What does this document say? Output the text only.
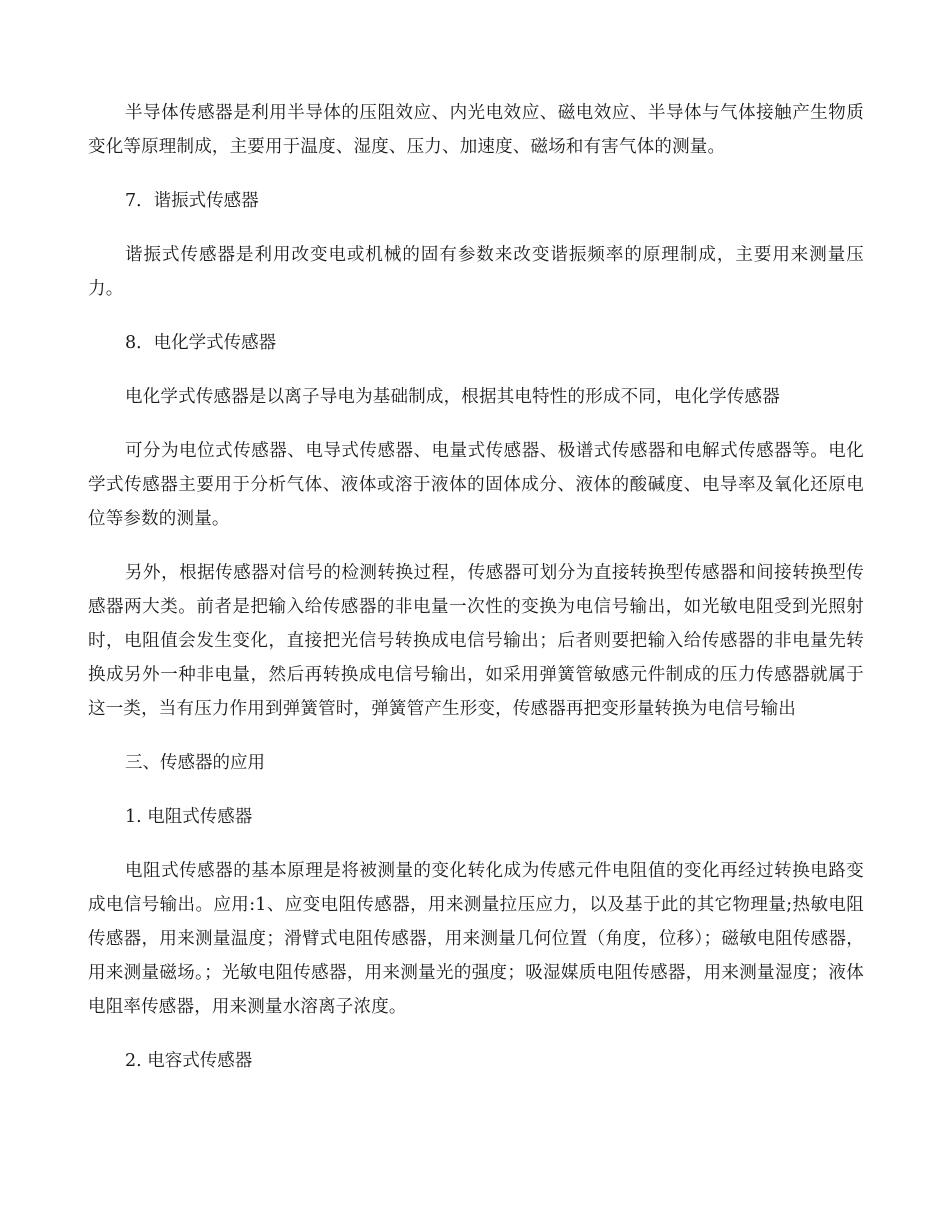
半导体传感器是利用半导体的压阻效应、内光电效应、磁电效应、半导体与气体接触产生物质变化等原理制成，主要用于温度、湿度、压力、加速度、磁场和有害气体的测量。

7．谐振式传感器

谐振式传感器是利用改变电或机械的固有参数来改变谐振频率的原理制成，主要用来测量压力。

8．电化学式传感器

电化学式传感器是以离子导电为基础制成，根据其电特性的形成不同，电化学传感器

可分为电位式传感器、电导式传感器、电量式传感器、极谱式传感器和电解式传感器等。电化学式传感器主要用于分析气体、液体或溶于液体的固体成分、液体的酸碱度、电导率及氧化还原电位等参数的测量。

另外，根据传感器对信号的检测转换过程，传感器可划分为直接转换型传感器和间接转换型传感器两大类。前者是把输入给传感器的非电量一次性的变换为电信号输出，如光敏电阻受到光照射时，电阻值会发生变化，直接把光信号转换成电信号输出；后者则要把输入给传感器的非电量先转换成另外一种非电量，然后再转换成电信号输出，如采用弹簧管敏感元件制成的压力传感器就属于这一类，当有压力作用到弹簧管时，弹簧管产生形变，传感器再把变形量转换为电信号输出

三、传感器的应用

1. 电阻式传感器

电阻式传感器的基本原理是将被测量的变化转化成为传感元件电阻值的变化再经过转换电路变成电信号输出。应用:1、应变电阻传感器，用来测量拉压应力，以及基于此的其它物理量;热敏电阻传感器，用来测量温度；滑臂式电阻传感器，用来测量几何位置（角度，位移）；磁敏电阻传感器，用来测量磁场。；光敏电阻传感器，用来测量光的强度；吸湿媒质电阻传感器，用来测量湿度；液体电阻率传感器，用来测量水溶离子浓度。

2. 电容式传感器
